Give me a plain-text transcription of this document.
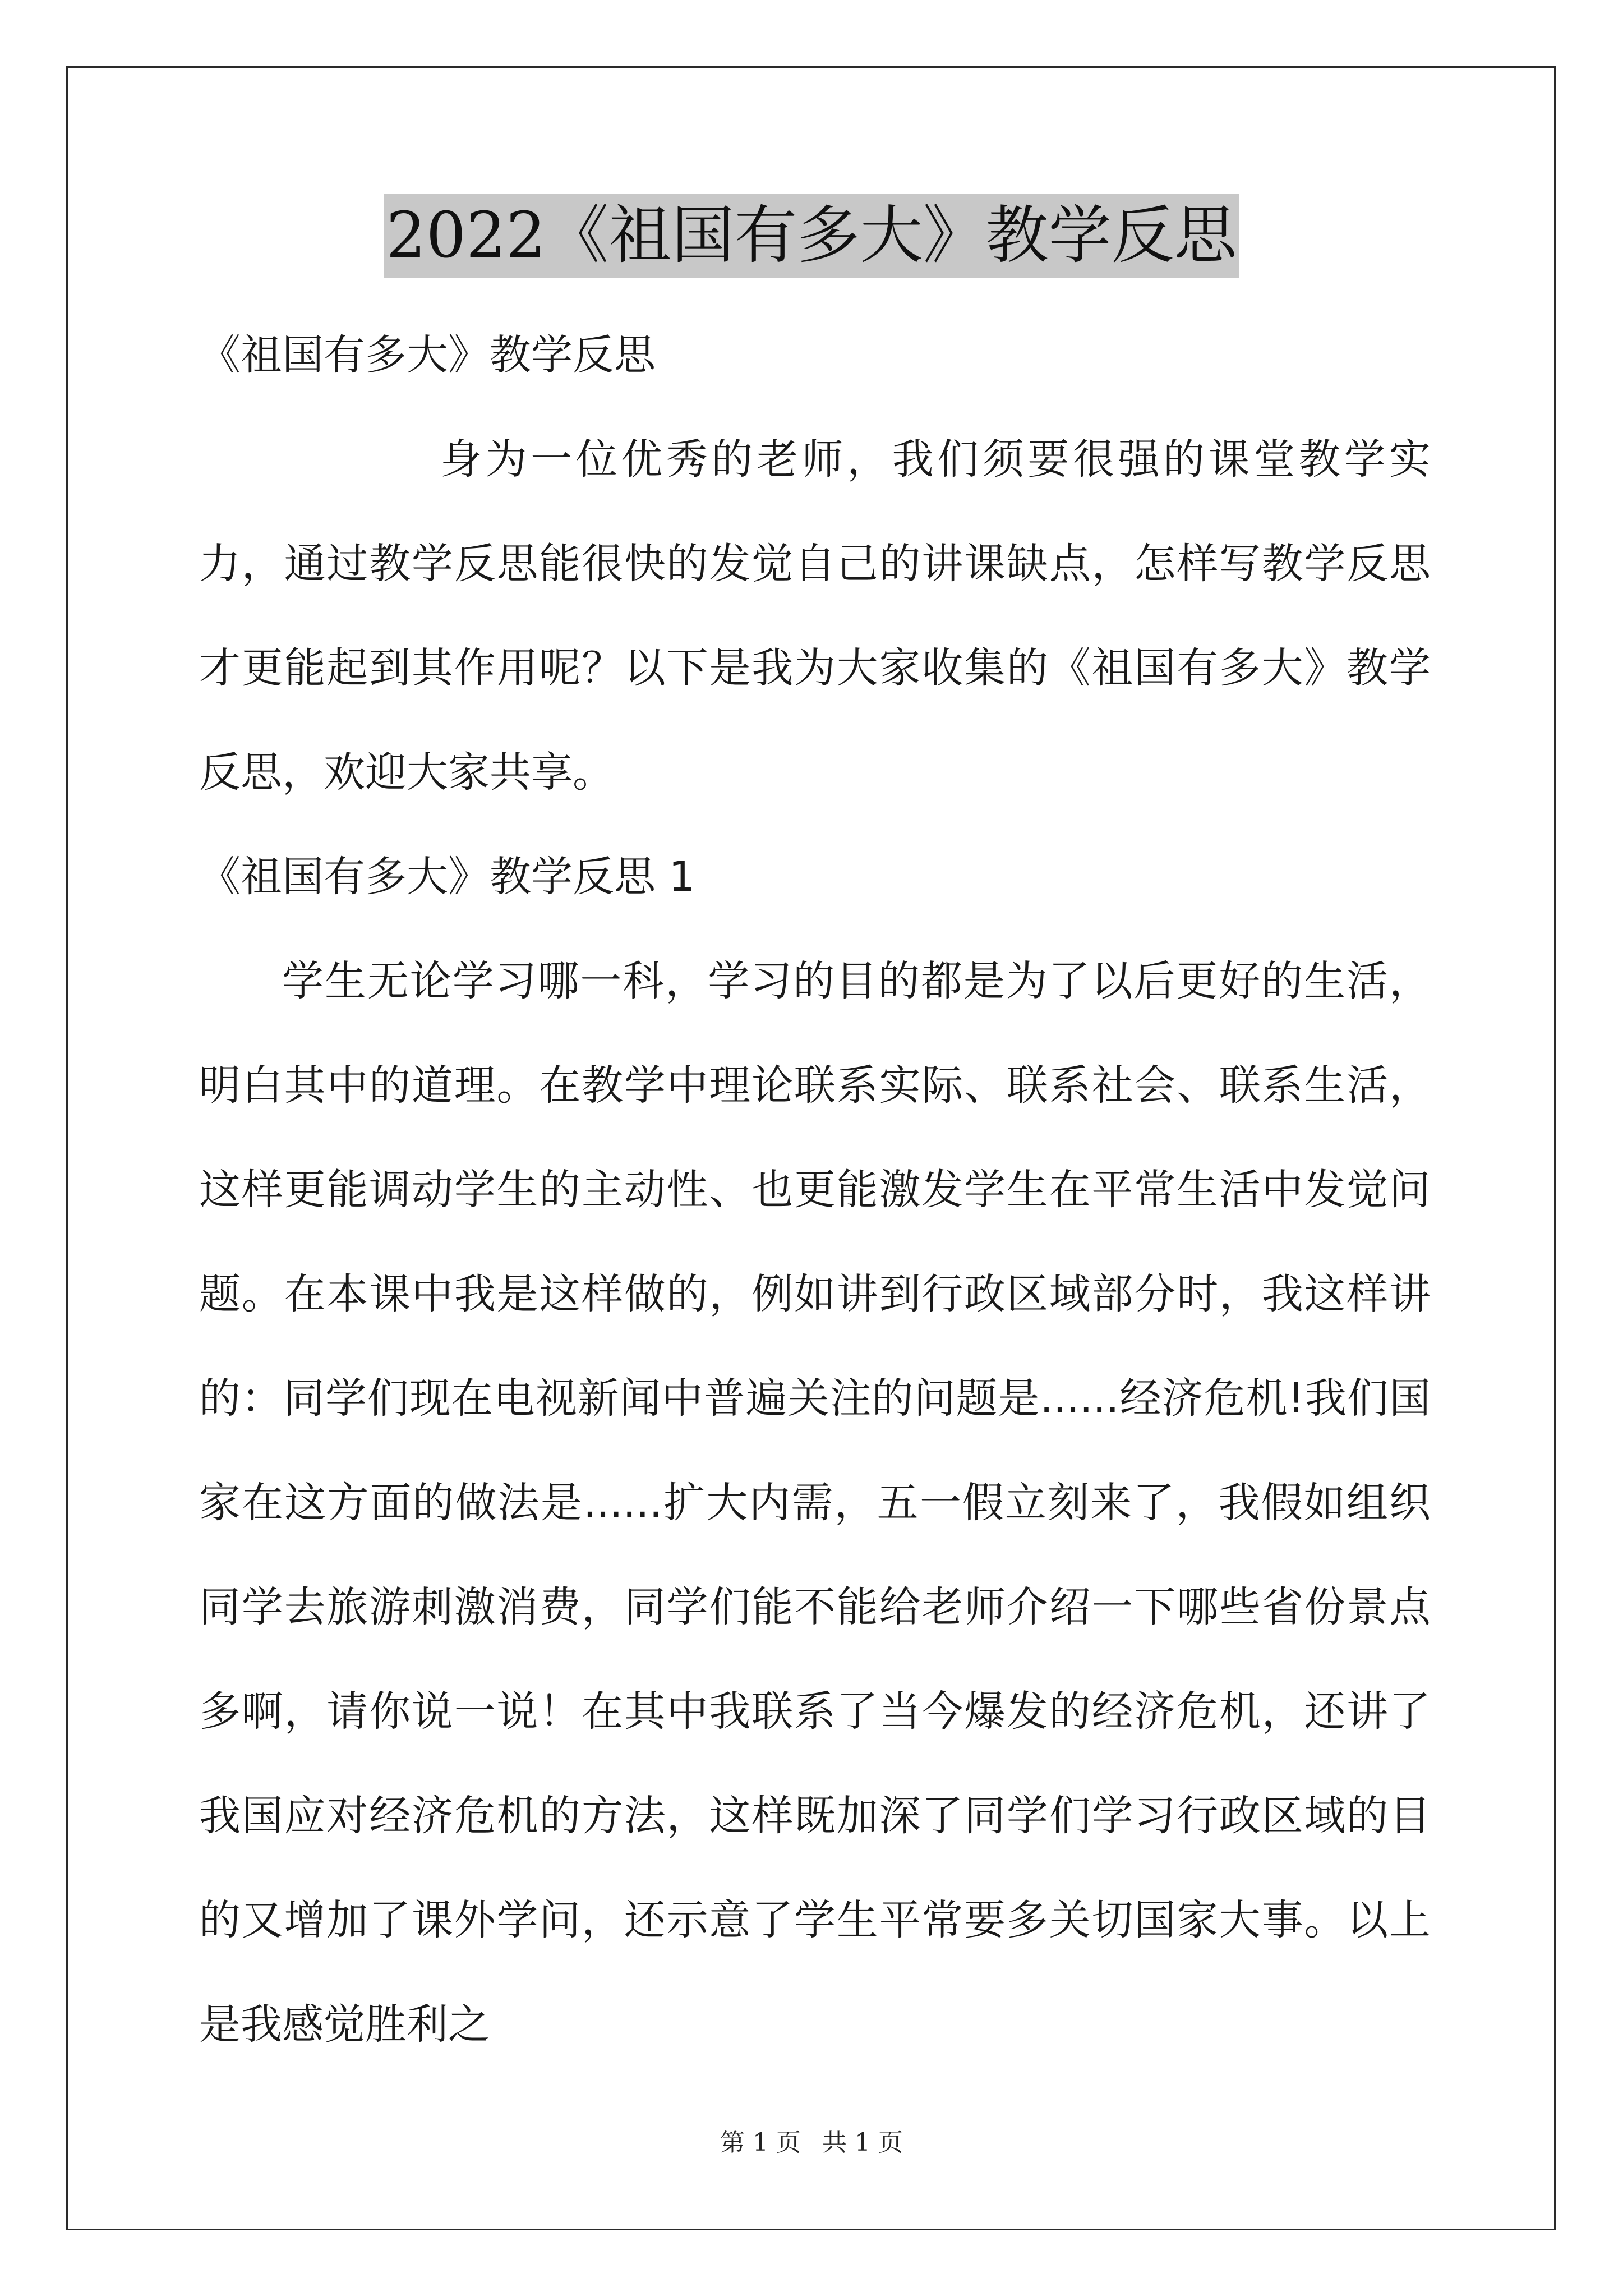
2022《祖国有多大》教学反思

《祖国有多大》教学反思

身为一位优秀的老师，我们须要很强的课堂教学实力，通过教学反思能很快的发觉自己的讲课缺点，怎样写教学反思才更能起到其作用呢？以下是我为大家收集的《祖国有多大》教学反思，欢迎大家共享。

《祖国有多大》教学反思 1

学生无论学习哪一科，学习的目的都是为了以后更好的生活，明白其中的道理。在教学中理论联系实际、联系社会、联系生活，这样更能调动学生的主动性、也更能激发学生在平常生活中发觉问题。在本课中我是这样做的，例如讲到行政区域部分时，我这样讲的：同学们现在电视新闻中普遍关注的问题是......经济危机!我们国家在这方面的做法是......扩大内需，五一假立刻来了，我假如组织同学去旅游刺激消费，同学们能不能给老师介绍一下哪些省份景点多啊，请你说一说！在其中我联系了当今爆发的经济危机，还讲了我国应对经济危机的方法，这样既加深了同学们学习行政区域的目的又增加了课外学问，还示意了学生平常要多关切国家大事。以上是我感觉胜利之

第 1 页 共 1 页
